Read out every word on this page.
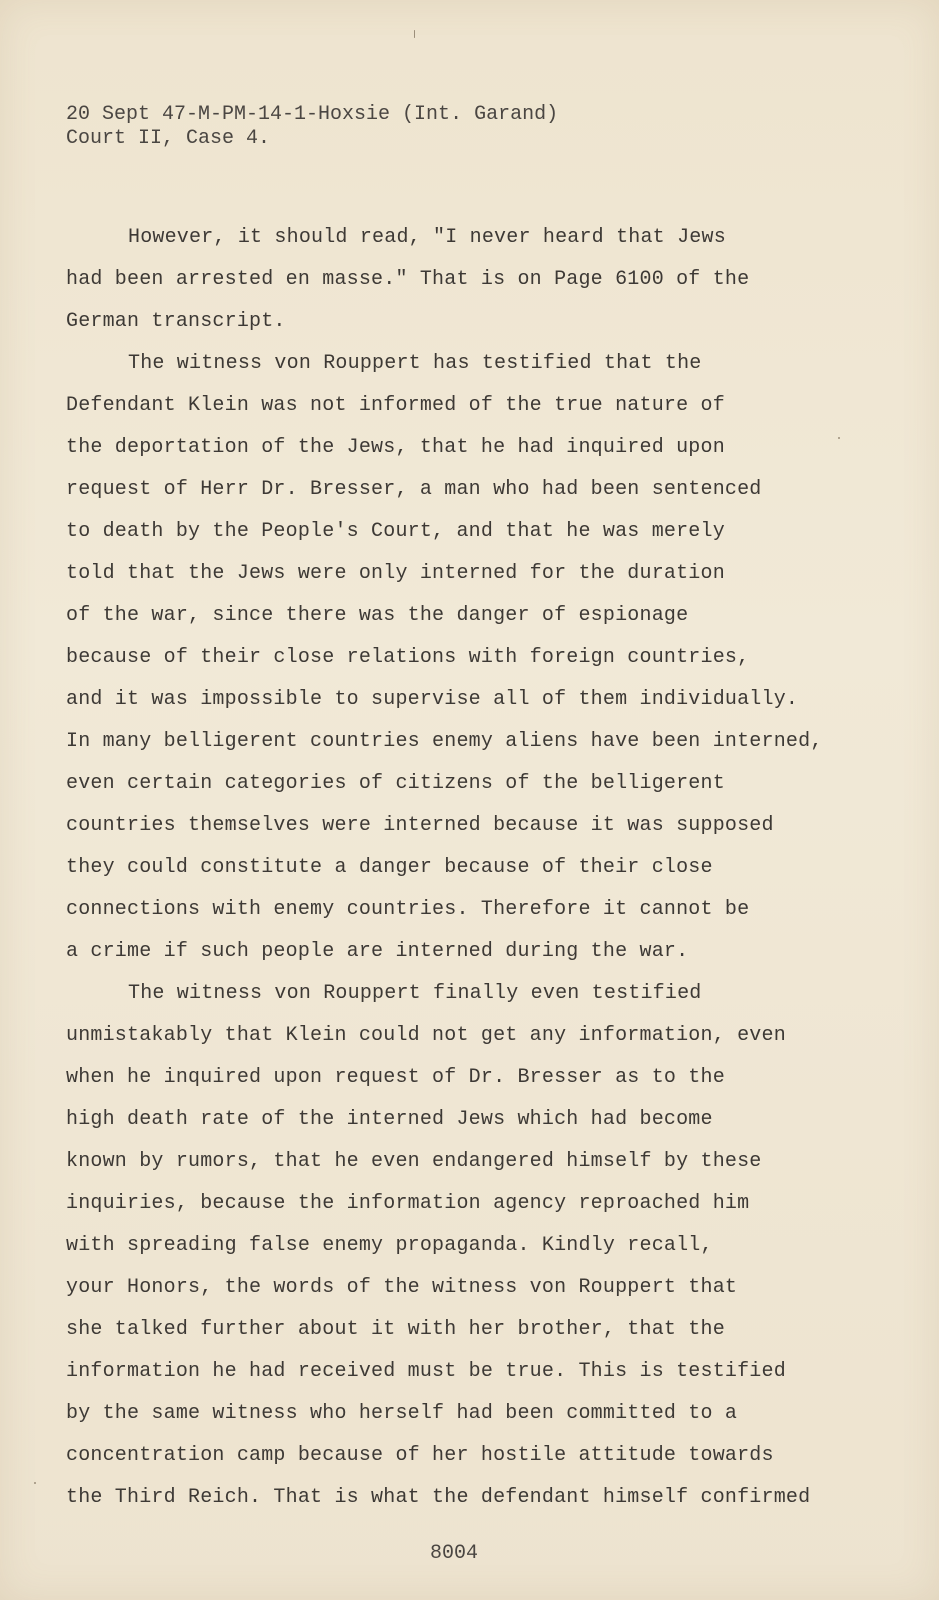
20 Sept 47-M-PM-14-1-Hoxsie (Int. Garand)
Court II, Case 4.
However, it should read, "I never heard that Jews
had been arrested en masse." That is on Page 6100 of the
German transcript.
The witness von Rouppert has testified that the
Defendant Klein was not informed of the true nature of
the deportation of the Jews, that he had inquired upon
request of Herr Dr. Bresser, a man who had been sentenced
to death by the People's Court, and that he was merely
told that the Jews were only interned for the duration
of the war, since there was the danger of espionage
because of their close relations with foreign countries,
and it was impossible to supervise all of them individually.
In many belligerent countries enemy aliens have been interned,
even certain categories of citizens of the belligerent
countries themselves were interned because it was supposed
they could constitute a danger because of their close
connections with enemy countries. Therefore it cannot be
a crime if such people are interned during the war.
The witness von Rouppert finally even testified
unmistakably that Klein could not get any information, even
when he inquired upon request of Dr. Bresser as to the
high death rate of the interned Jews which had become
known by rumors, that he even endangered himself by these
inquiries, because the information agency reproached him
with spreading false enemy propaganda. Kindly recall,
your Honors, the words of the witness von Rouppert that
she talked further about it with her brother, that the
information he had received must be true. This is testified
by the same witness who herself had been committed to a
concentration camp because of her hostile attitude towards
the Third Reich. That is what the defendant himself confirmed
8004
